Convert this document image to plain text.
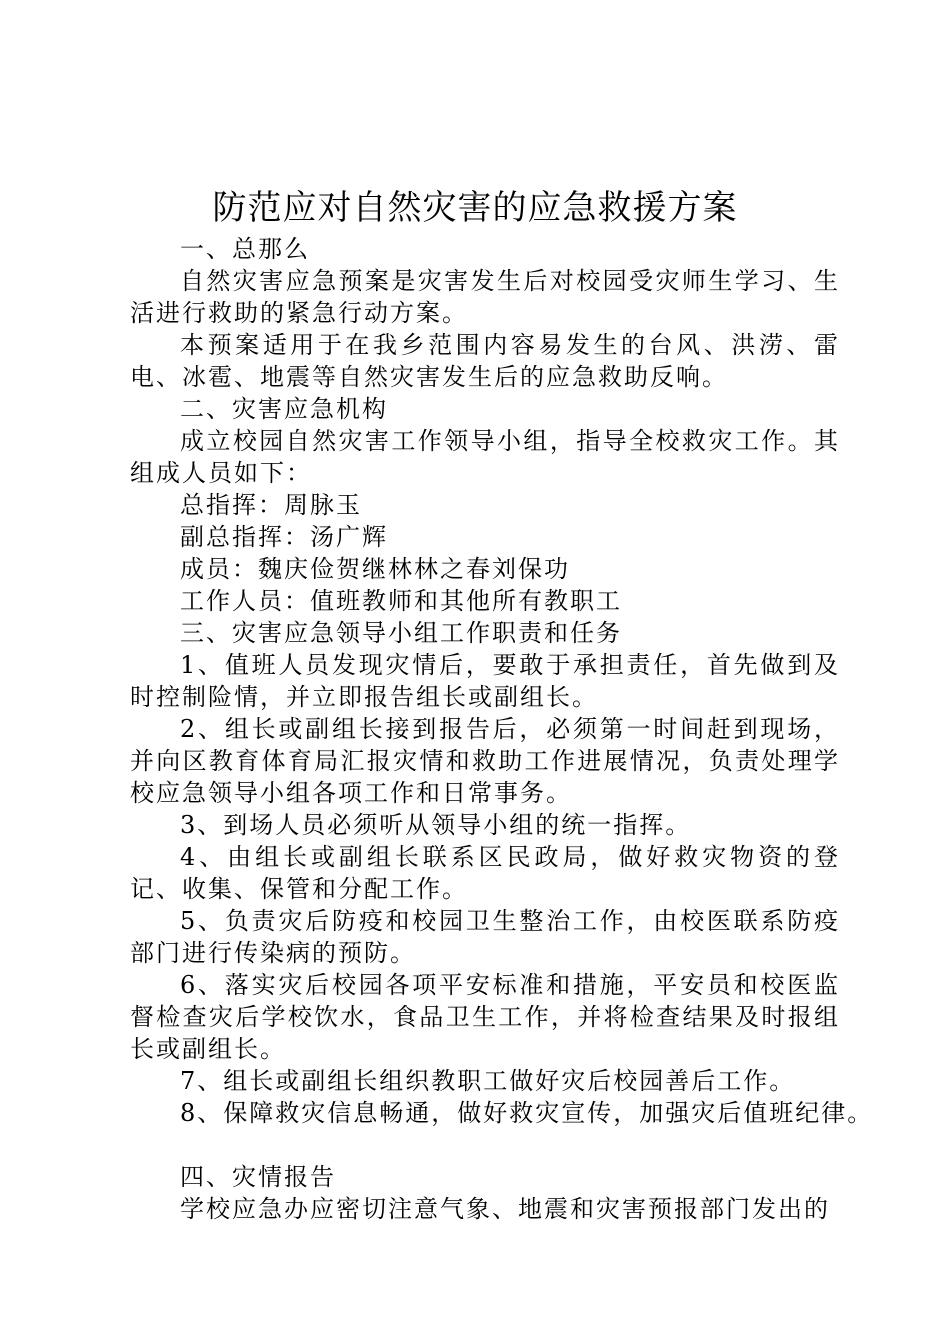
防范应对自然灾害的应急救援方案

一、总那么

自然灾害应急预案是灾害发生后对校园受灾师生学习、生活进行救助的紧急行动方案。

本预案适用于在我乡范围内容易发生的台风、洪涝、雷电、冰雹、地震等自然灾害发生后的应急救助反响。

二、灾害应急机构

成立校园自然灾害工作领导小组，指导全校救灾工作。其组成人员如下：

总指挥：周脉玉

副总指挥：汤广辉

成员：魏庆俭贺继林林之春刘保功

工作人员：值班教师和其他所有教职工

三、灾害应急领导小组工作职责和任务

1、值班人员发现灾情后，要敢于承担责任，首先做到及时控制险情，并立即报告组长或副组长。

2、组长或副组长接到报告后，必须第一时间赶到现场，并向区教育体育局汇报灾情和救助工作进展情况，负责处理学校应急领导小组各项工作和日常事务。

3、到场人员必须听从领导小组的统一指挥。

4、由组长或副组长联系区民政局，做好救灾物资的登记、收集、保管和分配工作。

5、负责灾后防疫和校园卫生整治工作，由校医联系防疫部门进行传染病的预防。

6、落实灾后校园各项平安标准和措施，平安员和校医监督检查灾后学校饮水，食品卫生工作，并将检查结果及时报组长或副组长。

7、组长或副组长组织教职工做好灾后校园善后工作。

8、保障救灾信息畅通，做好救灾宣传，加强灾后值班纪律。

四、灾情报告

学校应急办应密切注意气象、地震和灾害预报部门发出的
